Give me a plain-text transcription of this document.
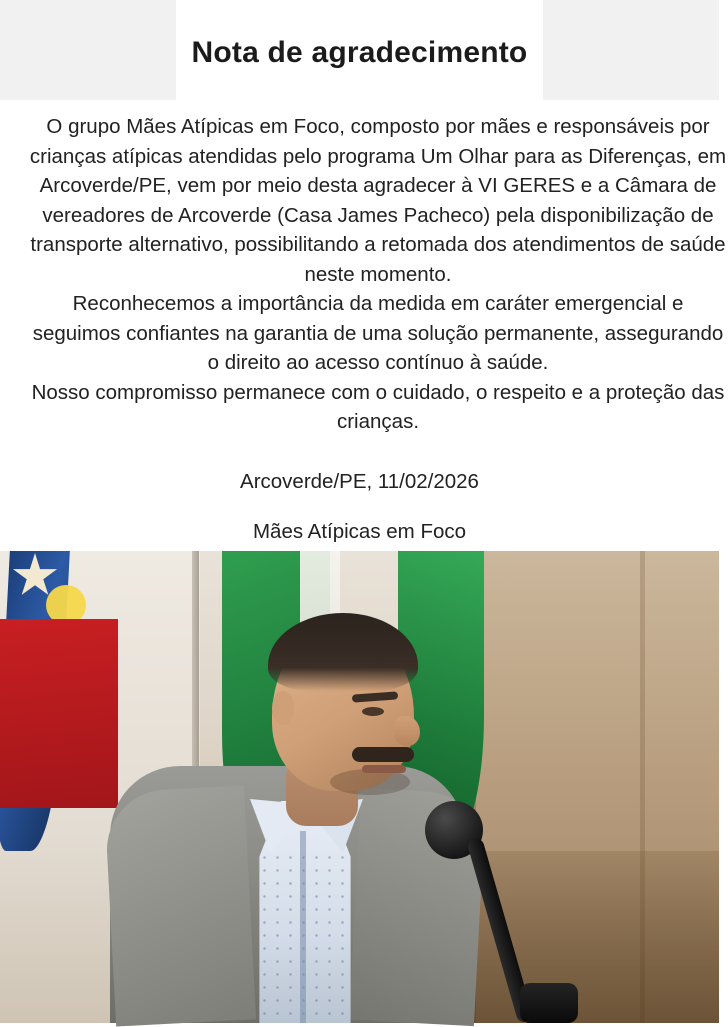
Nota de agradecimento

O grupo Mães Atípicas em Foco, composto por mães e responsáveis por crianças atípicas atendidas pelo programa Um Olhar para as Diferenças, em Arcoverde/PE, vem por meio desta agradecer à VI GERES e a Câmara de vereadores de Arcoverde (Casa James Pacheco) pela disponibilização de transporte alternativo, possibilitando a retomada dos atendimentos de saúde neste momento.

Reconhecemos a importância da medida em caráter emergencial e seguimos confiantes na garantia de uma solução permanente, assegurando o direito ao acesso contínuo à saúde.

Nosso compromisso permanece com o cuidado, o respeito e a proteção das crianças.

Arcoverde/PE, 11/02/2026
Mães Atípicas em Foco
